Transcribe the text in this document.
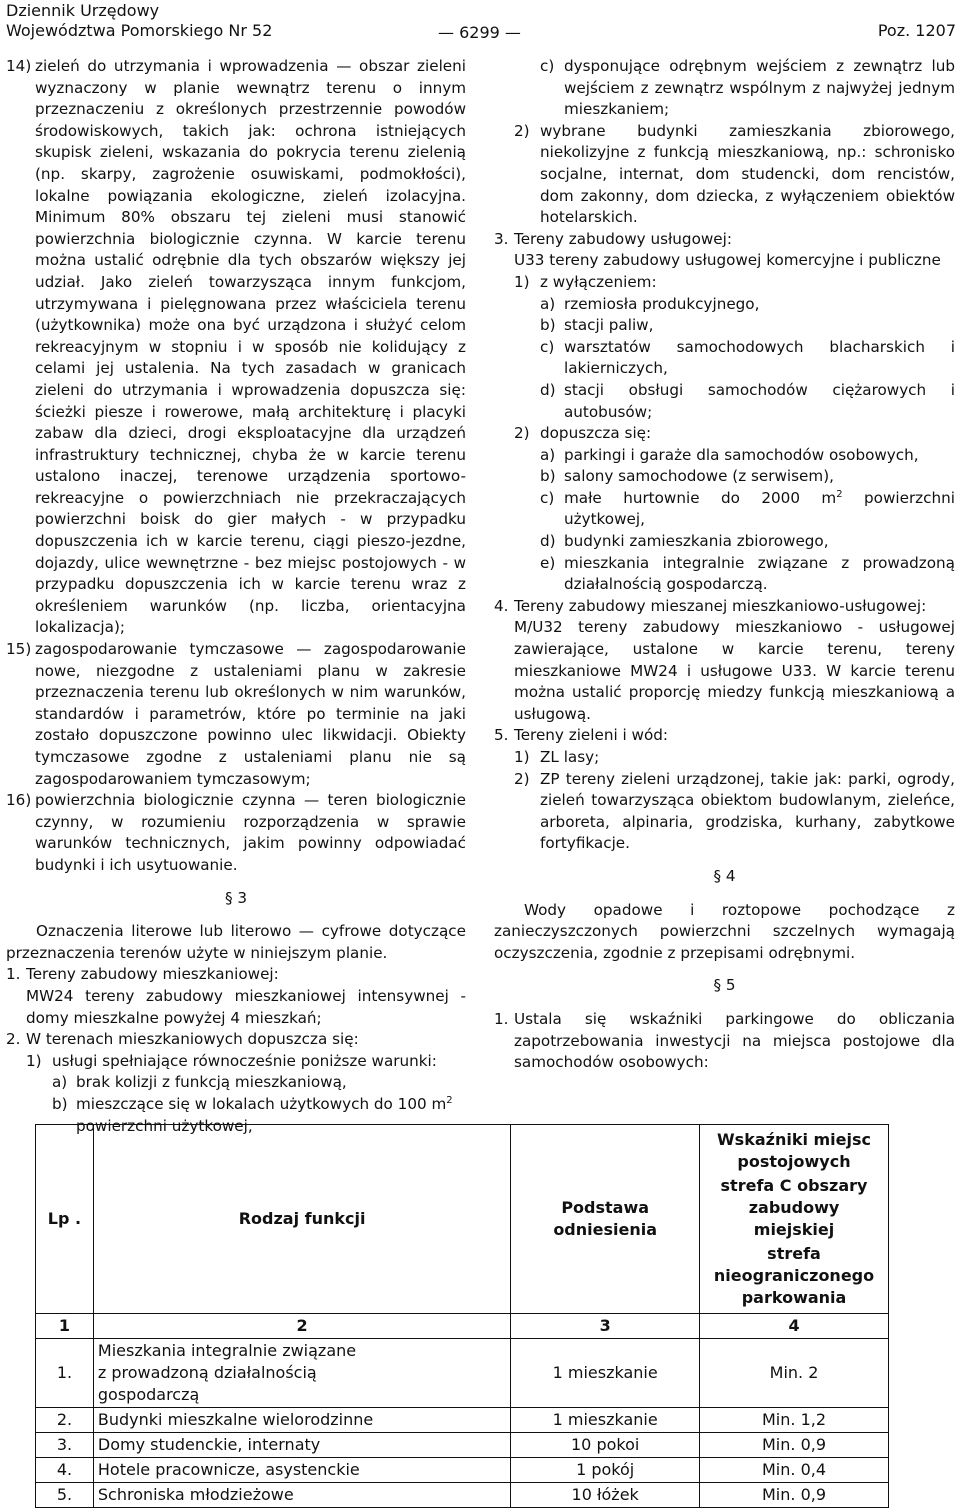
Dziennik Urzędowy
Województwa Pomorskiego Nr 52	— 6299 —	Poz. 1207
14) zieleń do utrzymania i wprowadzenia — obszar zieleni wyznaczony w planie wewnątrz terenu o innym przeznaczeniu z określonych przestrzennie powodów środowiskowych, takich jak: ochrona istniejących skupisk zieleni, wskazania do pokrycia terenu zielenią (np. skarpy, zagrożenie osuwiskami, podmokłości), lokalne powiązania ekologiczne, zieleń izolacyjna. Minimum 80% obszaru tej zieleni musi stanowić powierzchnia biologicznie czynna. W karcie terenu można ustalić odrębnie dla tych obszarów większy jej udział. Jako zieleń towarzysząca innym funkcjom, utrzymywana i pielęgnowana przez właściciela terenu (użytkownika) może ona być urządzona i służyć celom rekreacyjnym w stopniu i w sposób nie kolidujący z celami jej ustalenia. Na tych zasadach w granicach zieleni do utrzymania i wprowadzenia dopuszcza się: ścieżki piesze i rowerowe, małą architekturę i placyki zabaw dla dzieci, drogi eksploatacyjne dla urządzeń infrastruktury technicznej, chyba że w karcie terenu ustalono inaczej, terenowe urządzenia sportowo-rekreacyjne o powierzchniach nie przekraczających powierzchni boisk do gier małych - w przypadku dopuszczenia ich w karcie terenu, ciągi pieszo-jezdne, dojazdy, ulice wewnętrzne - bez miejsc postojowych - w przypadku dopuszczenia ich w karcie terenu wraz z określeniem warunków (np. liczba, orientacyjna lokalizacja);
15) zagospodarowanie tymczasowe — zagospodarowanie nowe, niezgodne z ustaleniami planu w zakresie przeznaczenia terenu lub określonych w nim warunków, standardów i parametrów, które po terminie na jaki zostało dopuszczone powinno ulec likwidacji. Obiekty tymczasowe zgodne z ustaleniami planu nie są zagospodarowaniem tymczasowym;
16) powierzchnia biologicznie czynna — teren biologicznie czynny, w rozumieniu rozporządzenia w sprawie warunków technicznych, jakim powinny odpowiadać budynki i ich usytuowanie.

§ 3

Oznaczenia literowe lub literowo — cyfrowe dotyczące przeznaczenia terenów użyte w niniejszym planie.

1. Tereny zabudowy mieszkaniowej:

MW24 tereny zabudowy mieszkaniowej intensywnej - domy mieszkalne powyżej 4 mieszkań;

2. W terenach mieszkaniowych dopuszcza się:
1) usługi spełniające równocześnie poniższe warunki:
a) brak kolizji z funkcją mieszkaniową,
b) mieszczące się w lokalach użytkowych do 100 $m^2$
powierzchni użytkowej,
c) dysponujące odrębnym wejściem z zewnątrz lub wejściem z zewnątrz wspólnym z najwyżej jednym mieszkaniem;
2) wybrane budynki zamieszkania zbiorowego, niekolizyjne z funkcją mieszkaniową, np.: schronisko socjalne, internat, dom studencki, dom rencistów, dom zakonny, dom dziecka, z wyłączeniem obiektów hotelarskich.
3. Tereny zabudowy usługowej:

U33 tereny zabudowy usługowej komercyjne i publiczne

1) z wyłączeniem:
a) rzemiosła produkcyjnego,
b) stacji paliw,
c) warsztatów samochodowych blacharskich i lakierniczych,
d) stacji obsługi samochodów ciężarowych i autobusów;
2) dopuszcza się:
a) parkingi i garaże dla samochodów osobowych,
b) salony samochodowe (z serwisem),
c) małe hurtownie do 2000 $m^2$ powierzchni użytkowej,
d) budynki zamieszkania zbiorowego,
e) mieszkania integralnie związane z prowadzoną działalnością gospodarczą.
4. Tereny zabudowy mieszanej mieszkaniowo-usługowej:

M/U32 tereny zabudowy mieszkaniowo - usługowej zawierające, ustalone w karcie terenu, tereny mieszkaniowe MW24 i usługowe U33. W karcie terenu można ustalić proporcję miedzy funkcją mieszkaniową a usługową.

5. Tereny zieleni i wód:
1) ZL lasy;
2) ZP tereny zieleni urządzonej, takie jak: parki, ogrody, zieleń towarzysząca obiektom budowlanym, zieleńce, arboreta, alpinaria, grodziska, kurhany, zabytkowe fortyfikacje.

§ 4

Wody opadowe i roztopowe pochodzące z zanieczyszczonych powierzchni szczelnych wymagają oczyszczenia, zgodnie z przepisami odrębnymi.

§ 5

1. Ustala się wskaźniki parkingowe do obliczania zapotrzebowania inwestycji na miejsca postojowe dla samochodów osobowych:
Lp .	Rodzaj funkcji	Podstawa odniesienia	Wskaźniki miejsc postojowych
strefa C obszary zabudowy miejskiej
strefa nieograniczonego parkowania

1	2	3	4
1.	Mieszkania integralnie związane z prowadzoną działalnością gospodarczą	1 mieszkanie	Min. 2
2.	Budynki mieszkalne wielorodzinne	1 mieszkanie	Min. 1,2
3.	Domy studenckie, internaty	10 pokoi	Min. 0,9
4.	Hotele pracownicze, asystenckie	1 pokój	Min. 0,4
5.	Schroniska młodzieżowe	10 łóżek	Min. 0,9
